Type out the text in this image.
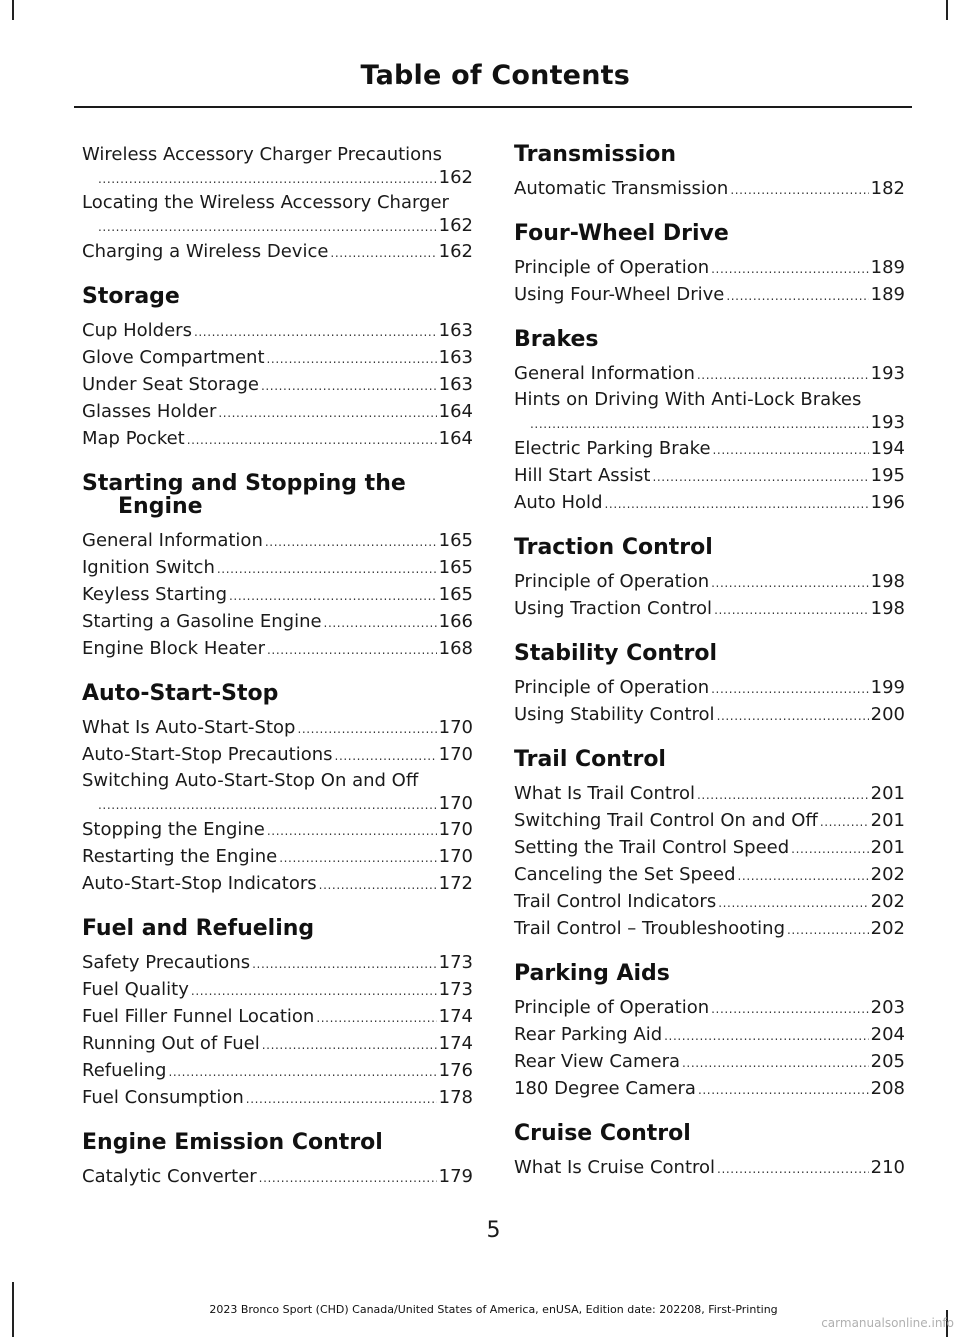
Table of Contents
Wireless Accessory Charger Precautions
.....
162
Locating the Wireless Accessory Charger
.....
162
Charging a Wireless Device .....	162
Storage
Cup Holders .....	163
Glove Compartment .....	163
Under Seat Storage .....	163
Glasses Holder .....	164
Map Pocket .....	164
Starting and Stopping the
Engine
General Information .....	165
Ignition Switch .....	165
Keyless Starting .....	165
Starting a Gasoline Engine .....	166
Engine Block Heater .....	168
Auto-Start-Stop
What Is Auto-Start-Stop .....	170
Auto-Start-Stop Precautions .....	170
Switching Auto-Start-Stop On and Off
.....
170
Stopping the Engine .....	170
Restarting the Engine .....	170
Auto-Start-Stop Indicators .....	172
Fuel and Refueling
Safety Precautions .....	173
Fuel Quality .....	173
Fuel Filler Funnel Location .....	174
Running Out of Fuel .....	174
Refueling .....	176
Fuel Consumption .....	178
Engine Emission Control
Catalytic Converter .....	179
Transmission
Automatic Transmission .....	182
Four-Wheel Drive
Principle of Operation .....	189
Using Four-Wheel Drive .....	189
Brakes
General Information .....	193
Hints on Driving With Anti-Lock Brakes
.....
193
Electric Parking Brake .....	194
Hill Start Assist .....	195
Auto Hold .....	196
Traction Control
Principle of Operation .....	198
Using Traction Control .....	198
Stability Control
Principle of Operation .....	199
Using Stability Control .....	200
Trail Control
What Is Trail Control .....	201
Switching Trail Control On and Off .....	201
Setting the Trail Control Speed .....	201
Canceling the Set Speed .....	202
Trail Control Indicators .....	202
Trail Control – Troubleshooting .....	202
Parking Aids
Principle of Operation .....	203
Rear Parking Aid .....	204
Rear View Camera .....	205
180 Degree Camera .....	208
Cruise Control
What Is Cruise Control .....	210
5
2023 Bronco Sport (CHD) Canada/United States of America, enUSA, Edition date: 202208, First-Printing
carmanualsonline.info
